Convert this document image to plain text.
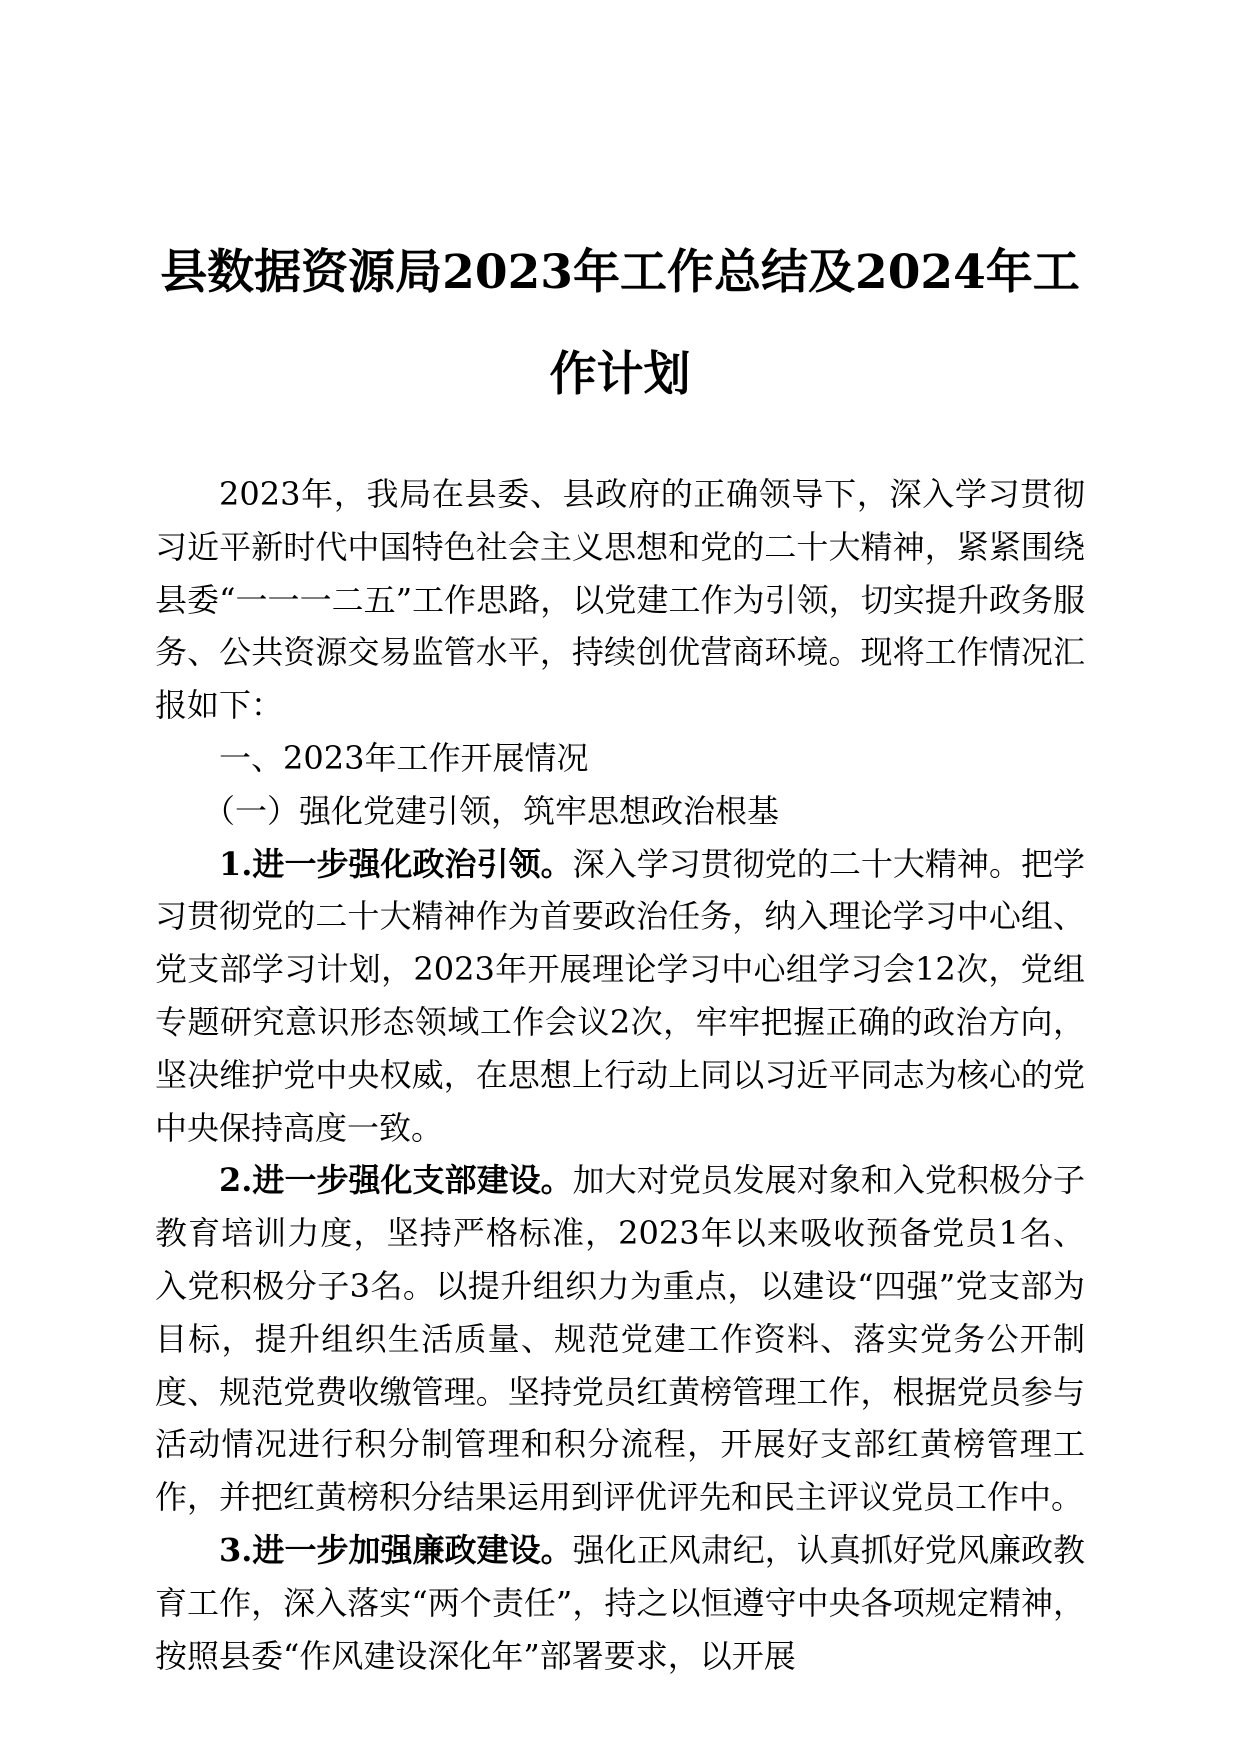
县数据资源局2023年工作总结及2024年工作计划

2023年，我局在县委、县政府的正确领导下，深入学习贯彻习近平新时代中国特色社会主义思想和党的二十大精神，紧紧围绕县委“一一一二五”工作思路，以党建工作为引领，切实提升政务服务、公共资源交易监管水平，持续创优营商环境。现将工作情况汇报如下：

一、2023年工作开展情况

（一）强化党建引领，筑牢思想政治根基

1.进一步强化政治引领。深入学习贯彻党的二十大精神。把学习贯彻党的二十大精神作为首要政治任务，纳入理论学习中心组、党支部学习计划，2023年开展理论学习中心组学习会12次，党组专题研究意识形态领域工作会议2次，牢牢把握正确的政治方向，坚决维护党中央权威，在思想上行动上同以习近平同志为核心的党中央保持高度一致。

2.进一步强化支部建设。加大对党员发展对象和入党积极分子教育培训力度，坚持严格标准，2023年以来吸收预备党员1名、入党积极分子3名。以提升组织力为重点，以建设“四强”党支部为目标，提升组织生活质量、规范党建工作资料、落实党务公开制度、规范党费收缴管理。坚持党员红黄榜管理工作，根据党员参与活动情况进行积分制管理和积分流程，开展好支部红黄榜管理工作，并把红黄榜积分结果运用到评优评先和民主评议党员工作中。

3.进一步加强廉政建设。强化正风肃纪，认真抓好党风廉政教育工作，深入落实“两个责任”，持之以恒遵守中央各项规定精神，按照县委“作风建设深化年”部署要求，以开展
